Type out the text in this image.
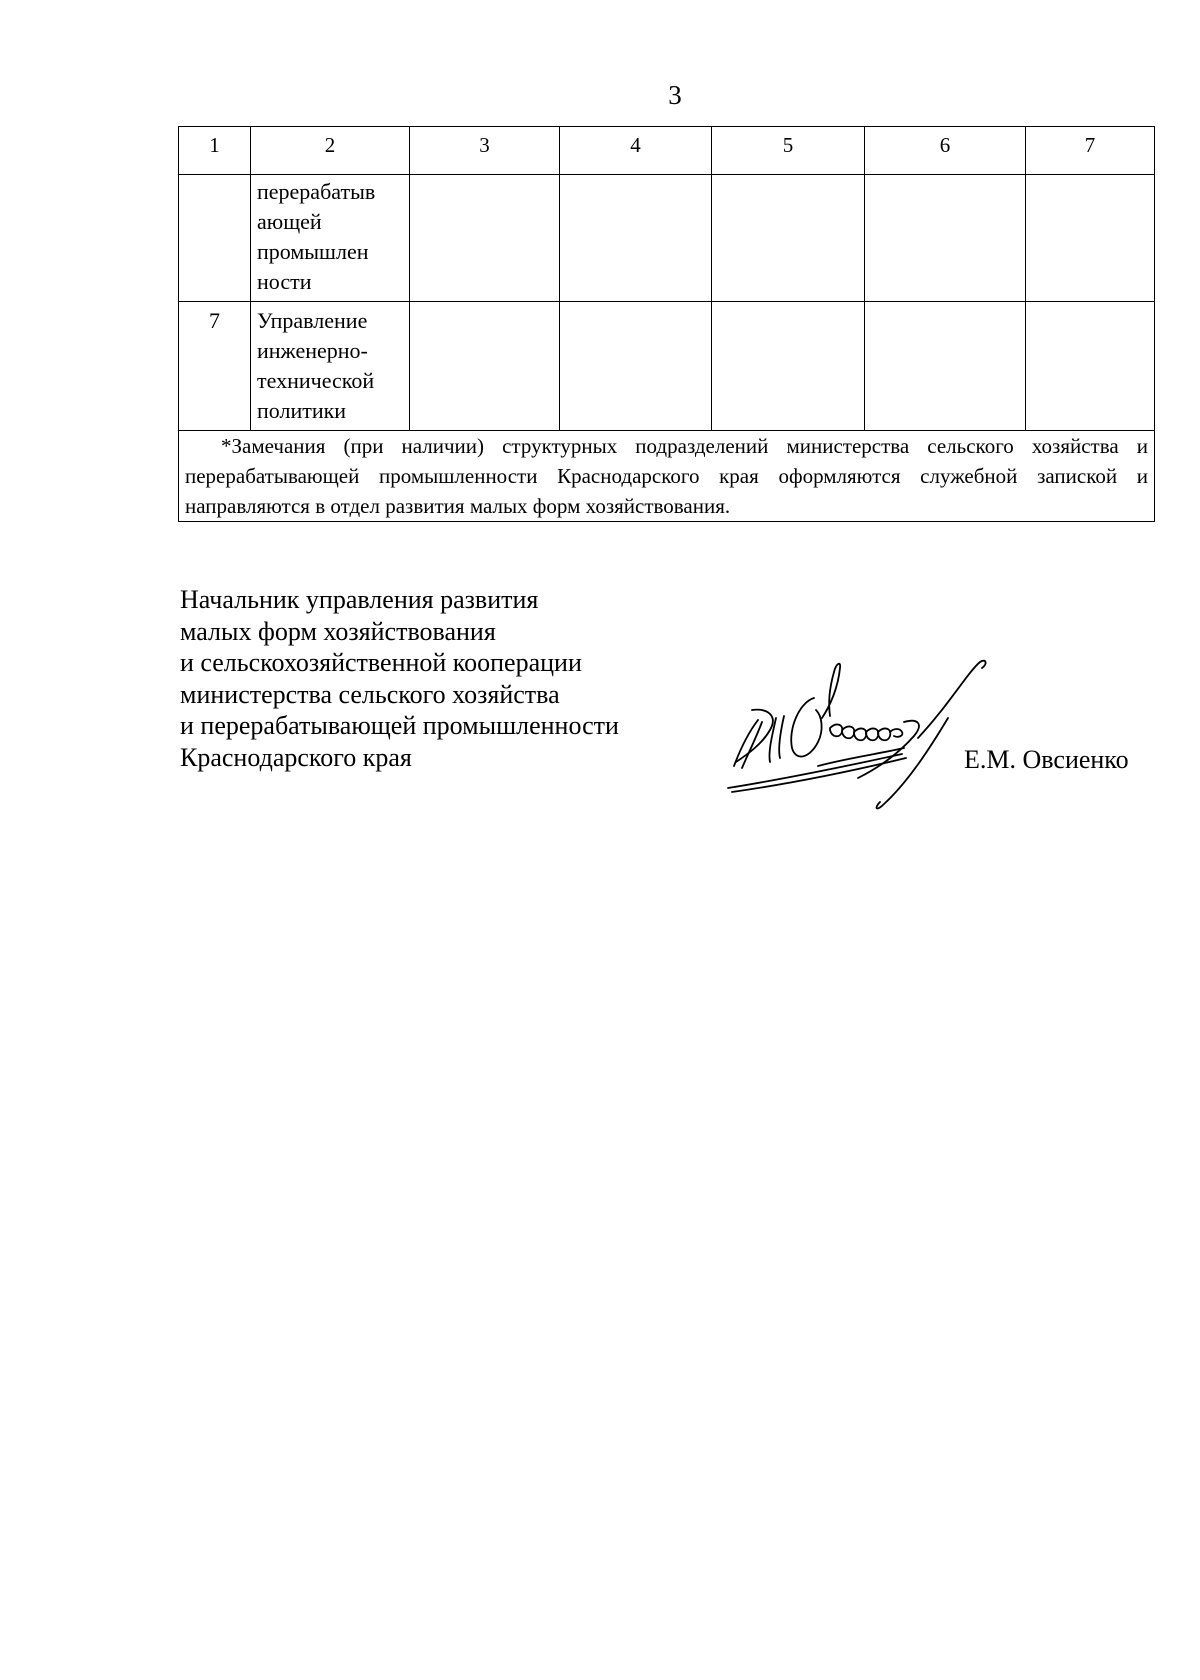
3
1	2	3	4	5	6	7

	перерабатыв
ающей
промышлен
ности					

7	Управление
инженерно-
технической
политики					

*Замечания (при наличии) структурных подразделений министерства сельского хозяйства и перерабатывающей промышленности Краснодарского края оформляются служебной запиской и направляются в отдел развития малых форм хозяйствования.						
Начальник управления развития
малых форм хозяйствования
и сельскохозяйственной кооперации
министерства сельского хозяйства
и перерабатывающей промышленности
Краснодарского края	Е.М. Овсиенко
